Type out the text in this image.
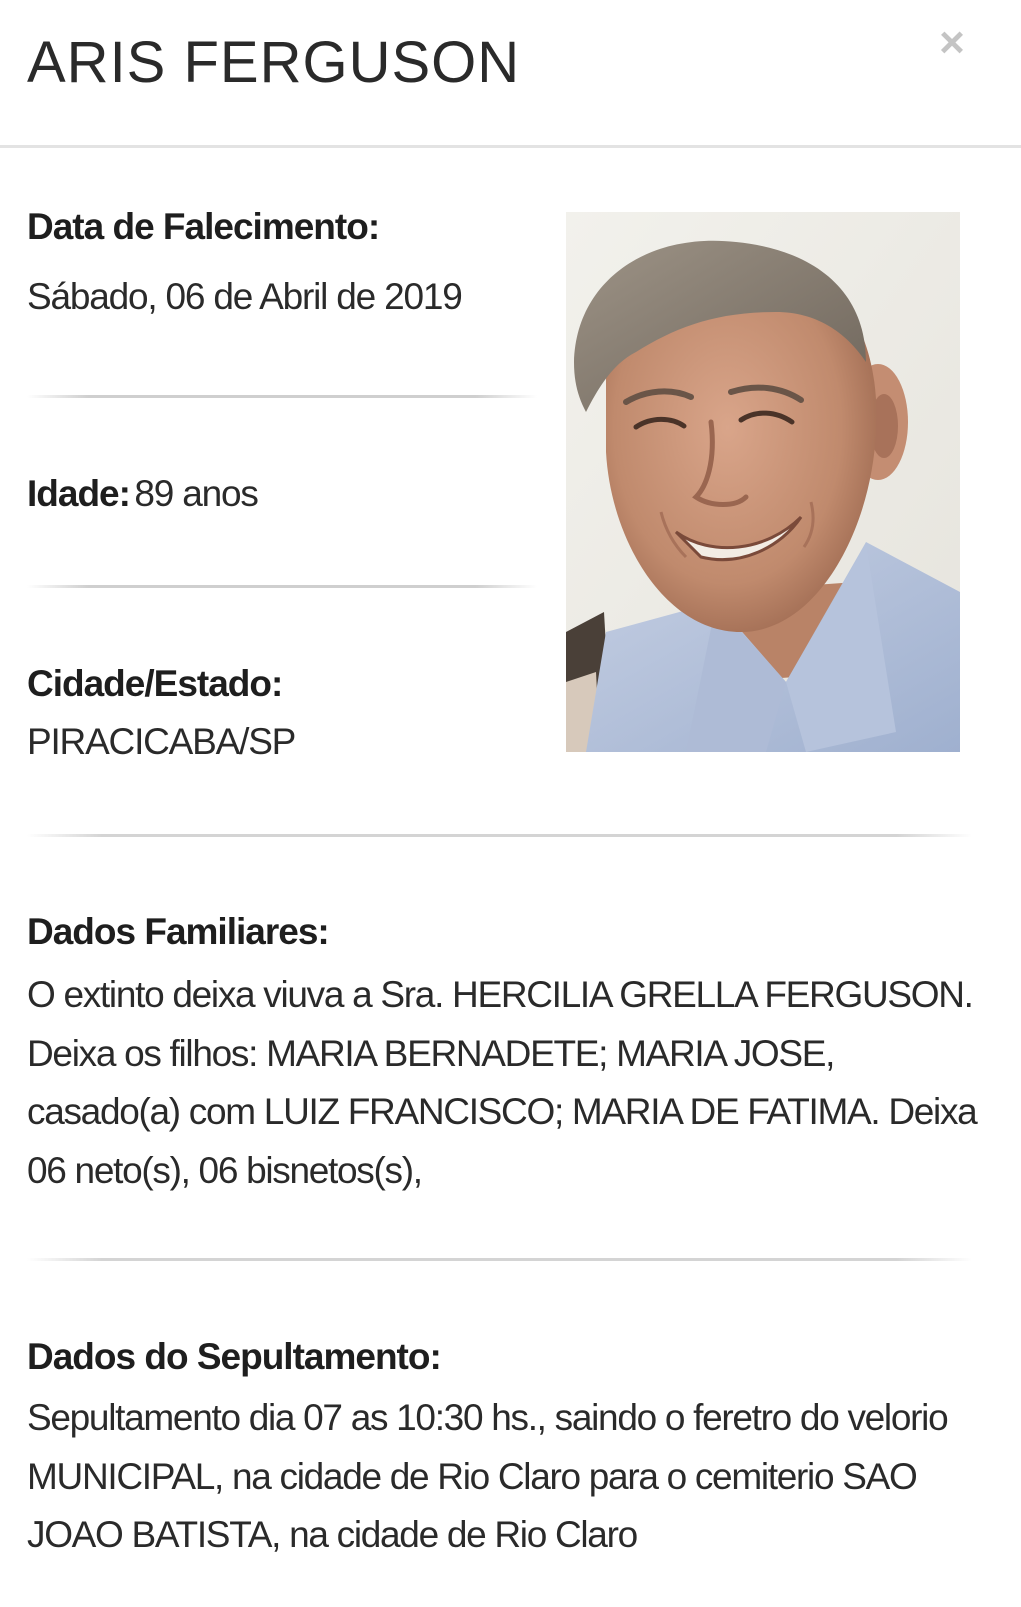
ARIS FERGUSON	×
Data de Falecimento:
Sábado, 06 de Abril de 2019
Idade: 89 anos
Cidade/Estado:
PIRACICABA/SP
Dados Familiares:
O extinto deixa viuva a Sra. HERCILIA GRELLA FERGUSON. Deixa os filhos: MARIA BERNADETE; MARIA JOSE, casado(a) com LUIZ FRANCISCO; MARIA DE FATIMA. Deixa 06 neto(s), 06 bisnetos(s),
Dados do Sepultamento:
Sepultamento dia 07 as 10:30 hs., saindo o feretro do velorio MUNICIPAL, na cidade de Rio Claro para o cemiterio SAO JOAO BATISTA, na cidade de Rio Claro
